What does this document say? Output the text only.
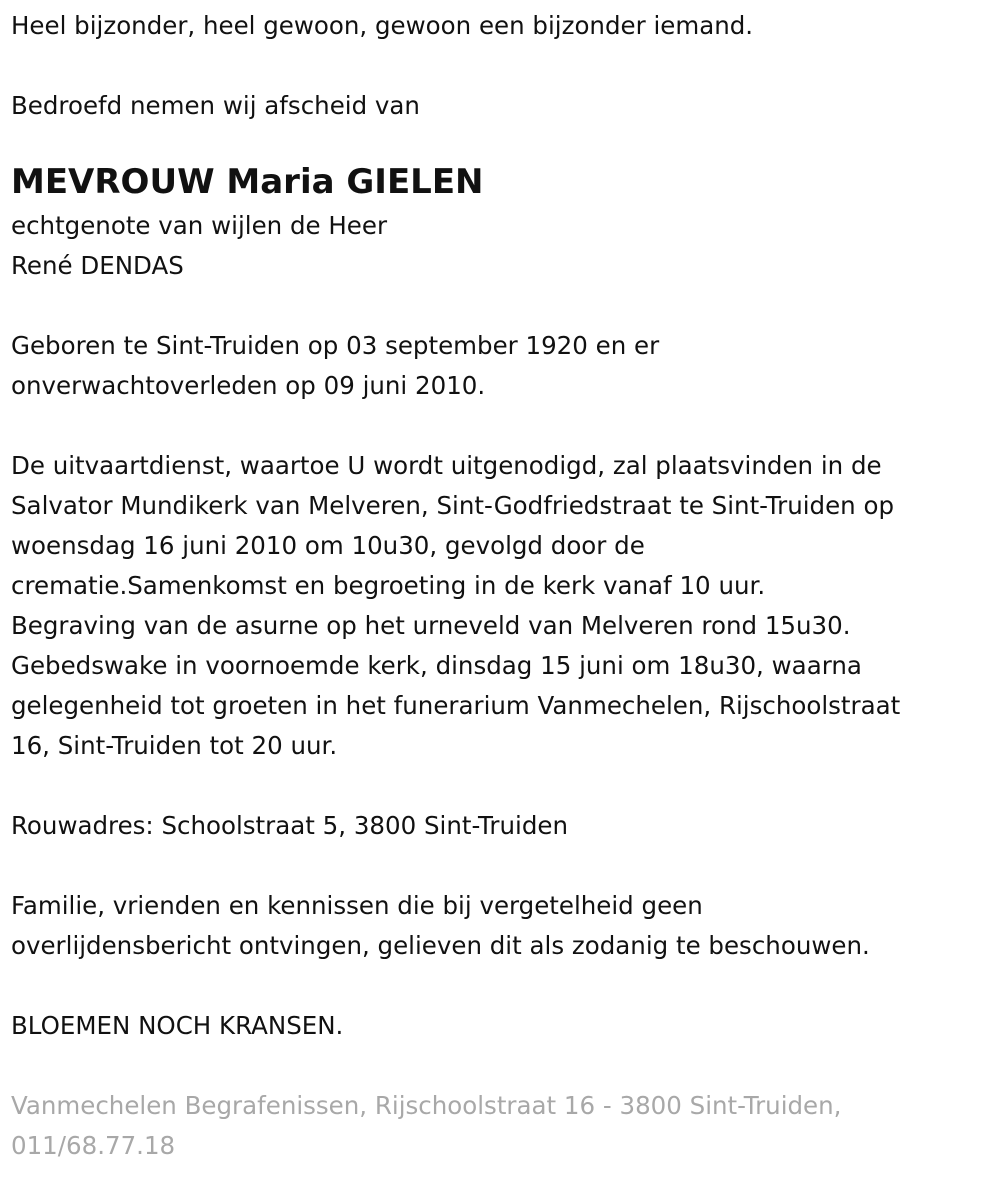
Heel bijzonder, heel gewoon, gewoon een bijzonder iemand.

Bedroefd nemen wij afscheid van

MEVROUW Maria GIELEN

echtgenote van wijlen de Heer

René DENDAS

Geboren te Sint-Truiden op 03 september 1920 en er

onverwachtoverleden op 09 juni 2010.

De uitvaartdienst, waartoe U wordt uitgenodigd, zal plaatsvinden in de

Salvator Mundikerk van Melveren, Sint-Godfriedstraat te Sint-Truiden op

woensdag 16 juni 2010 om 10u30, gevolgd door de

crematie.Samenkomst en begroeting in de kerk vanaf 10 uur.

Begraving van de asurne op het urneveld van Melveren rond 15u30.

Gebedswake in voornoemde kerk, dinsdag 15 juni om 18u30, waarna

gelegenheid tot groeten in het funerarium Vanmechelen, Rijschoolstraat

16, Sint-Truiden tot 20 uur.

Rouwadres: Schoolstraat 5, 3800 Sint-Truiden

Familie, vrienden en kennissen die bij vergetelheid geen

overlijdensbericht ontvingen, gelieven dit als zodanig te beschouwen.

BLOEMEN NOCH KRANSEN.

Vanmechelen Begrafenissen, Rijschoolstraat 16 - 3800 Sint-Truiden,

011/68.77.18
